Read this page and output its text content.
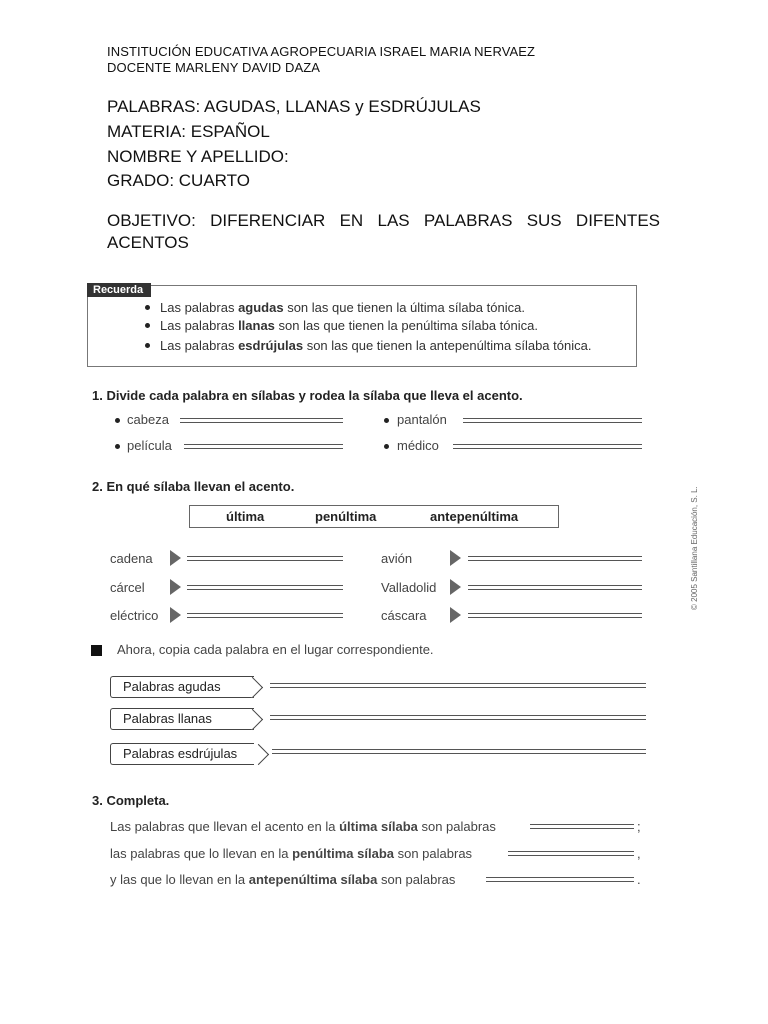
INSTITUCIÓN EDUCATIVA AGROPECUARIA ISRAEL MARIA NERVAEZ
DOCENTE MARLENY DAVID DAZA
PALABRAS: AGUDAS, LLANAS y ESDRÚJULAS
MATERIA: ESPAÑOL
NOMBRE Y APELLIDO:
GRADO: CUARTO
OBJETIVO: DIFERENCIAR EN LAS PALABRAS SUS DIFENTES ACENTOS
Recuerda
Las palabras agudas son las que tienen la última sílaba tónica.
Las palabras llanas son las que tienen la penúltima sílaba tónica.
Las palabras esdrújulas son las que tienen la antepenúltima sílaba tónica.
1. Divide cada palabra en sílabas y rodea la sílaba que lleva el acento.
cabeza	pantalón
película	médico
2. En qué sílaba llevan el acento.
última	penúltima	antepenúltima
cadena	avión
cárcel	Valladolid
eléctrico	cáscara
Ahora, copia cada palabra en el lugar correspondiente.
Palabras agudas
Palabras llanas
Palabras esdrújulas
3. Completa.
Las palabras que llevan el acento en la última sílaba son palabras	;
las palabras que lo llevan en la penúltima sílaba son palabras	,
y las que lo llevan en la antepenúltima sílaba son palabras	.
© 2005 Santillana Educación, S. L.
